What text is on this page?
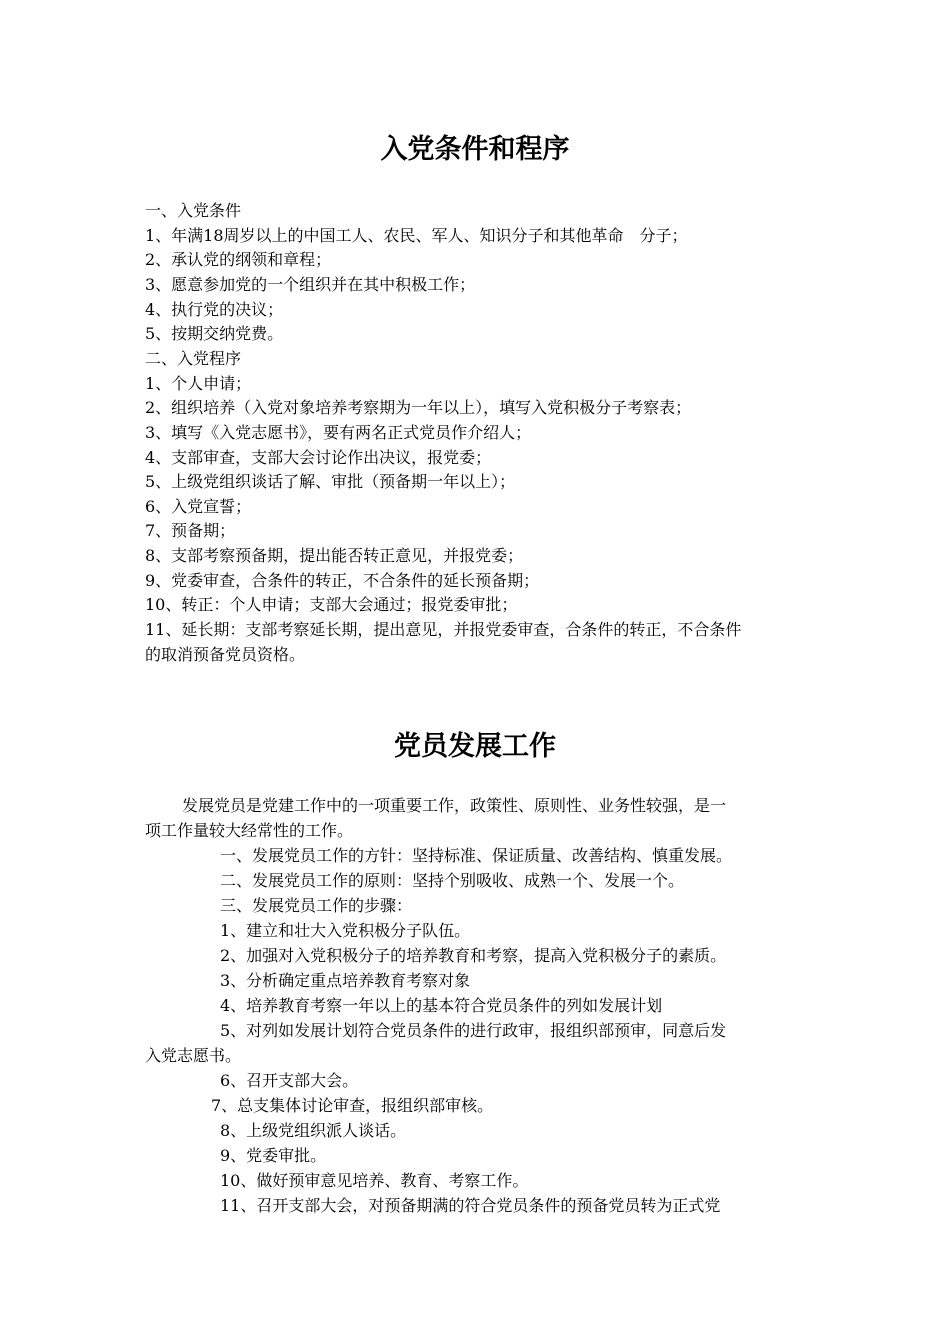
入党条件和程序

一、入党条件

1、年满18周岁以上的中国工人、农民、军人、知识分子和其他革命　分子；

2、承认党的纲领和章程；

3、愿意参加党的一个组织并在其中积极工作；

4、执行党的决议；

5、按期交纳党费。

二、入党程序

1、个人申请；

2、组织培养（入党对象培养考察期为一年以上），填写入党积极分子考察表；

3、填写《入党志愿书》，要有两名正式党员作介绍人；

4、支部审查，支部大会讨论作出决议，报党委；

5、上级党组织谈话了解、审批（预备期一年以上）；

6、入党宣誓；

7、预备期；

8、支部考察预备期，提出能否转正意见，并报党委；

9、党委审查，合条件的转正，不合条件的延长预备期；

10、转正：个人申请；支部大会通过；报党委审批；

11、延长期：支部考察延长期，提出意见，并报党委审查，合条件的转正，不合条件

的取消预备党员资格。

党员发展工作

发展党员是党建工作中的一项重要工作，政策性、原则性、业务性较强，是一

项工作量较大经常性的工作。

一、发展党员工作的方针：坚持标准、保证质量、改善结构、慎重发展。

二、发展党员工作的原则：坚持个别吸收、成熟一个、发展一个。

三、发展党员工作的步骤：

1、建立和壮大入党积极分子队伍。

2、加强对入党积极分子的培养教育和考察，提高入党积极分子的素质。

3、分析确定重点培养教育考察对象

4、培养教育考察一年以上的基本符合党员条件的列如发展计划

5、对列如发展计划符合党员条件的进行政审，报组织部预审，同意后发

入党志愿书。

6、召开支部大会。

7、总支集体讨论审查，报组织部审核。

8、上级党组织派人谈话。

9、党委审批。

10、做好预审意见培养、教育、考察工作。

11、召开支部大会，对预备期满的符合党员条件的预备党员转为正式党
